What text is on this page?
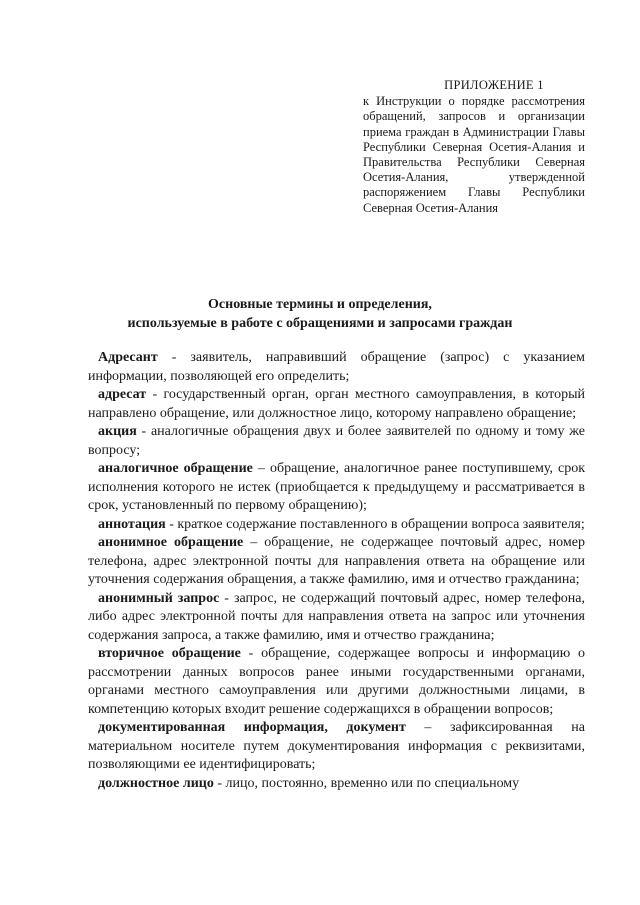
ПРИЛОЖЕНИЕ 1
к Инструкции о порядке рассмотрения обращений, запросов и организации приема граждан в Администрации Главы Республики Северная Осетия-Алания и Правительства Республики Северная Осетия-Алания, утвержденной распоряжением Главы Республики Северная Осетия-Алания
Основные термины и определения,
используемые в работе с обращениями и запросами граждан

Адресант - заявитель, направивший обращение (запрос) с указанием информации, позволяющей его определить;

адресат - государственный орган, орган местного самоуправления, в который направлено обращение, или должностное лицо, которому направлено обращение;

акция - аналогичные обращения двух и более заявителей по одному и тому же вопросу;

аналогичное обращение – обращение, аналогичное ранее поступившему, срок исполнения которого не истек (приобщается к предыдущему и рассматривается в срок, установленный по первому обращению);

аннотация - краткое содержание поставленного в обращении вопроса заявителя;

анонимное обращение – обращение, не содержащее почтовый адрес, номер телефона, адрес электронной почты для направления ответа на обращение или уточнения содержания обращения, а также фамилию, имя и отчество гражданина;

анонимный запрос - запрос, не содержащий почтовый адрес, номер телефона, либо адрес электронной почты для направления ответа на запрос или уточнения содержания запроса, а также фамилию, имя и отчество гражданина;

вторичное обращение - обращение, содержащее вопросы и информацию о рассмотрении данных вопросов ранее иными государственными органами, органами местного самоуправления или другими должностными лицами, в компетенцию которых входит решение содержащихся в обращении вопросов;

документированная информация, документ – зафиксированная на материальном носителе путем документирования информация с реквизитами, позволяющими ее идентифицировать;

должностное лицо - лицо, постоянно, временно или по специальному
